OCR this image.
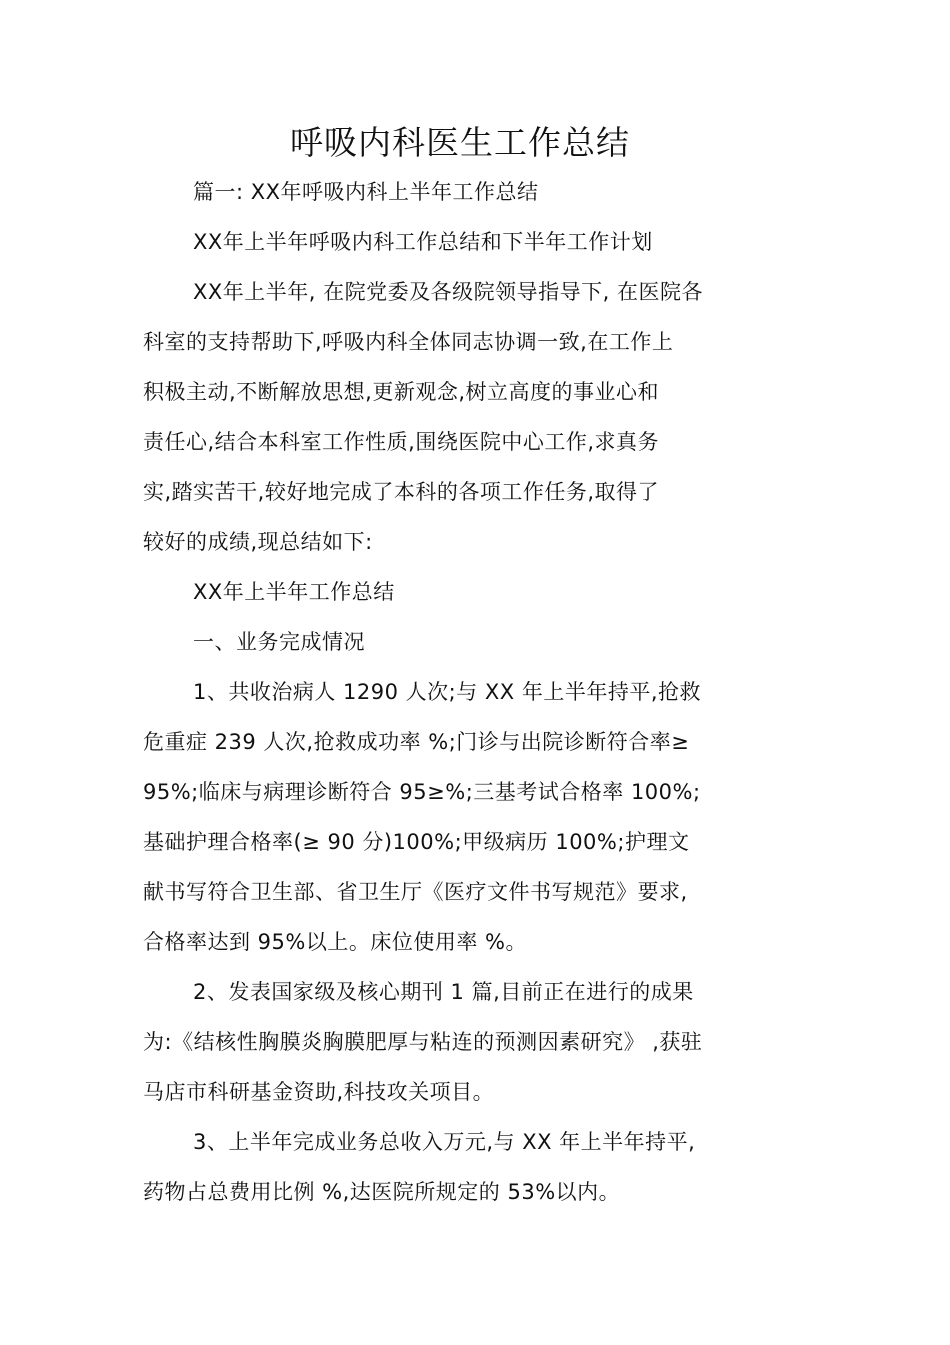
呼吸内科医生工作总结
篇一: XX年呼吸内科上半年工作总结
XX年上半年呼吸内科工作总结和下半年工作计划
XX年上半年, 在院党委及各级院领导指导下, 在医院各
科室的支持帮助下,呼吸内科全体同志协调一致,在工作上
积极主动,不断解放思想,更新观念,树立高度的事业心和
责任心,结合本科室工作性质,围绕医院中心工作,求真务
实,踏实苦干,较好地完成了本科的各项工作任务,取得了
较好的成绩,现总结如下:
XX年上半年工作总结
一、业务完成情况
1、共收治病人 1290 人次;与 XX 年上半年持平,抢救
危重症 239 人次,抢救成功率 %;门诊与出院诊断符合率≥
95%;临床与病理诊断符合 95≥%;三基考试合格率 100%;
基础护理合格率(≥ 90 分)100%;甲级病历 100%;护理文
献书写符合卫生部、省卫生厅《医疗文件书写规范》要求,
合格率达到 95%以上。床位使用率 %。
2、发表国家级及核心期刊 1 篇,目前正在进行的成果
为:《结核性胸膜炎胸膜肥厚与粘连的预测因素研究》 ,获驻
马店市科研基金资助,科技攻关项目。
3、上半年完成业务总收入万元,与 XX 年上半年持平,
药物占总费用比例 %,达医院所规定的 53%以内。
